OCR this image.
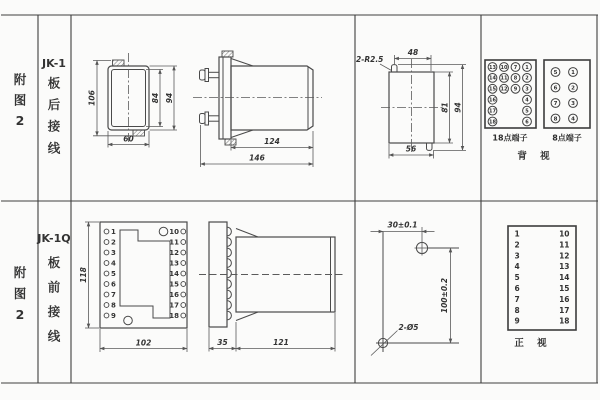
附
图
2
JK-1
板
后
接
线
附
图
2
JK-1Q
板
前
接
线
106	84 94
60	124
146
2-R2.5
48
56
81 94
13
14
15
16
17
18
10
11
12
7
8
9
1
2
3
4
5
6
18点端子
5
6
7
8
1
2
3
4
8点端子
背 视
1
2
3
4
5
6
7
8
9
10
11
12
13
14
15
16
17
18
118
102	35	121
2-Ø5
30±0.1
100±0.2
1
2
3
4
5
6
7
8
9
10
11
12
13
14
15
16
17
18
正 视
